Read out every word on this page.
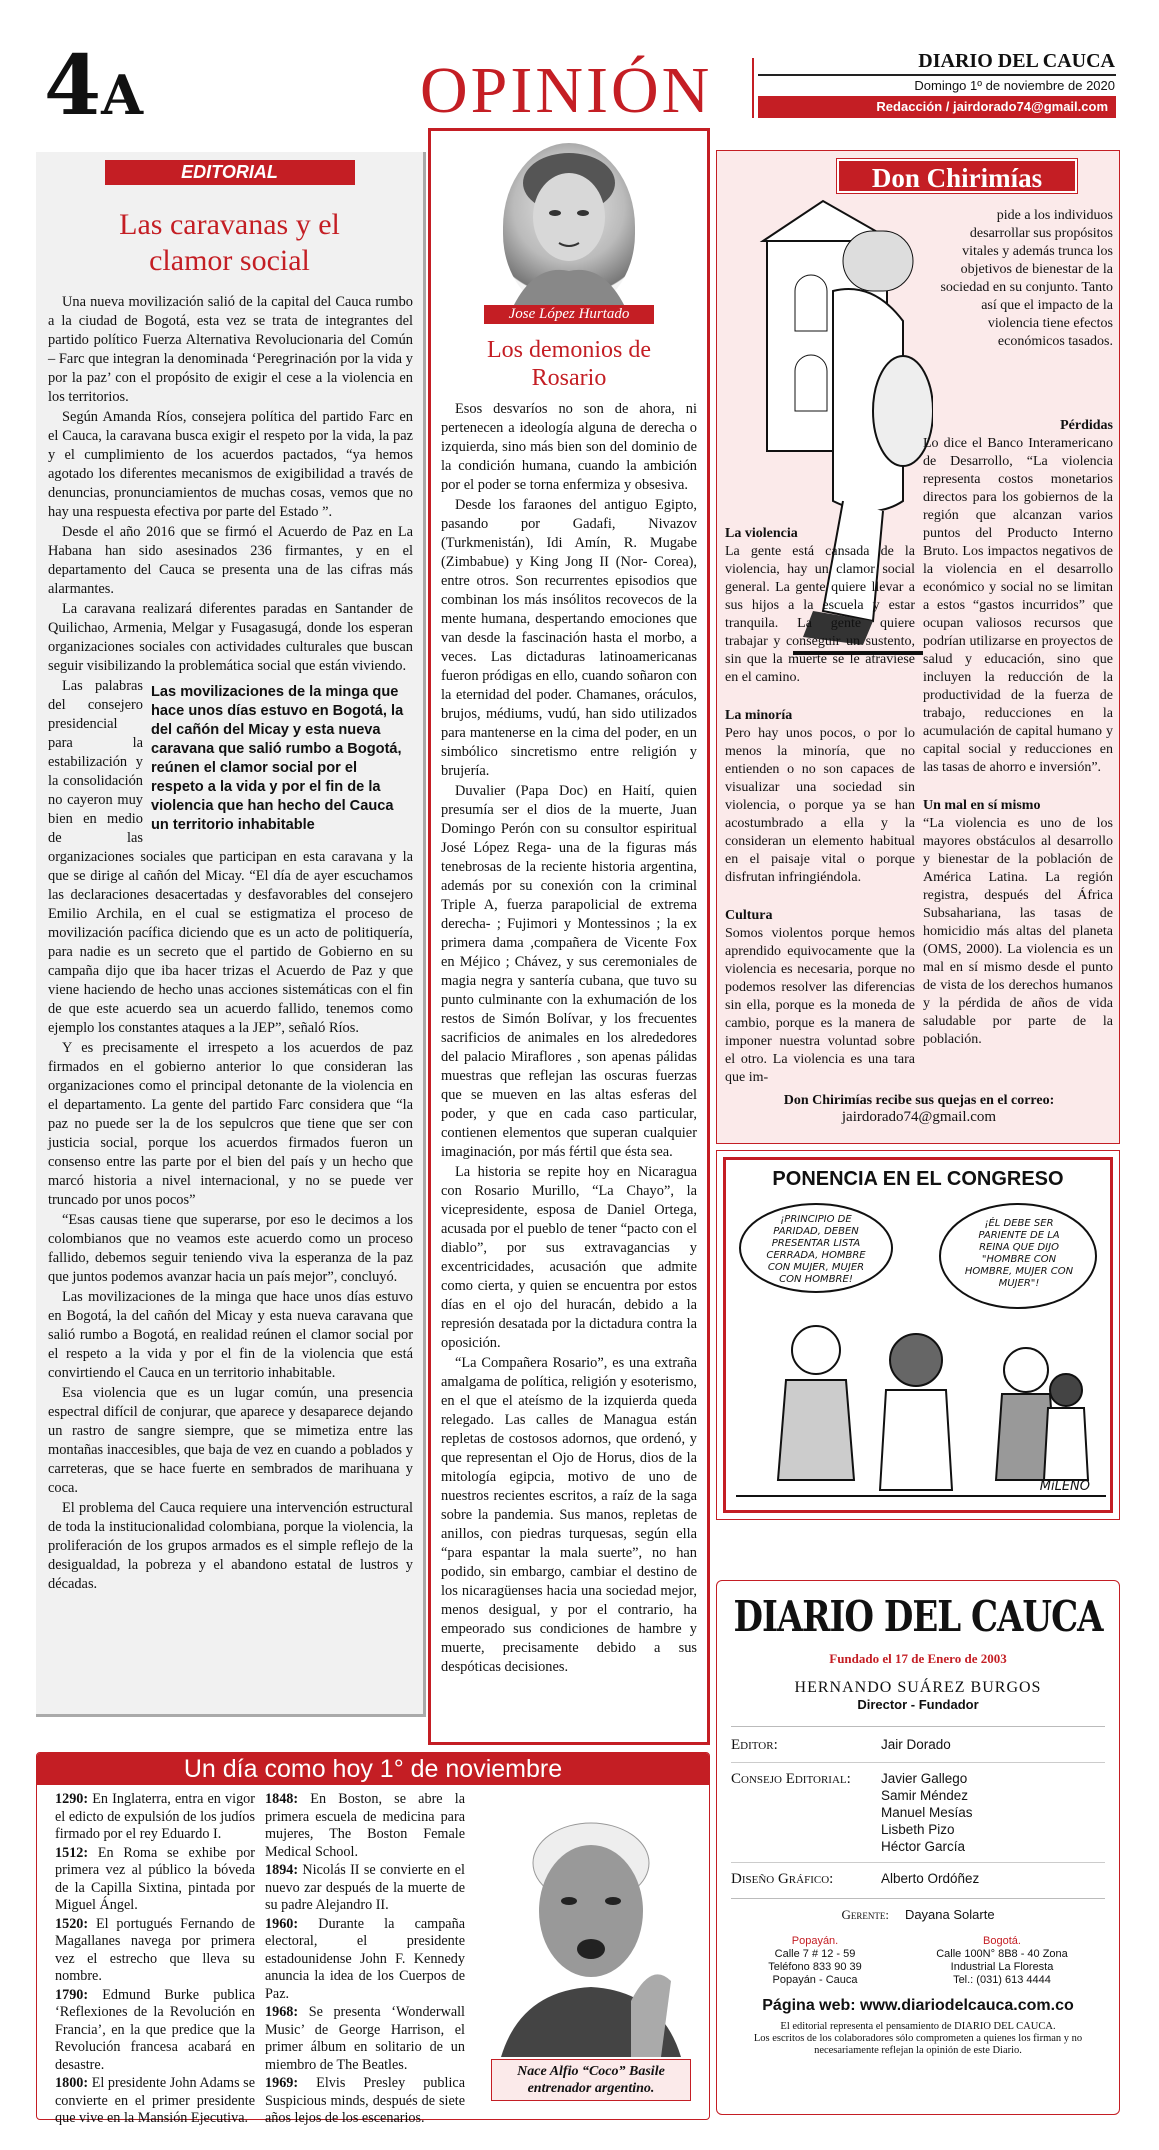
4A	OPINIÓN	DIARIO DEL CAUCA
Domingo 1º de noviembre de 2020
Redacción / jairdorado74@gmail.com
EDITORIAL
Las caravanas y el clamor social

Una nueva movilización salió de la capital del Cauca rumbo a la ciudad de Bogotá, esta vez se trata de integrantes del partido político Fuerza Alternativa Revolucionaria del Común – Farc que integran la denominada ‘Peregrinación por la vida y por la paz’ con el propósito de exigir el cese a la violencia en los territorios.

Según Amanda Ríos, consejera política del partido Farc en el Cauca, la caravana busca exigir el respeto por la vida, la paz y el cumplimiento de los acuerdos pactados, “ya hemos agotado los diferentes mecanismos de exigibilidad a través de denuncias, pronunciamientos de muchas cosas, vemos que no hay una respuesta efectiva por parte del Estado ”.

Desde el año 2016 que se firmó el Acuerdo de Paz en La Habana han sido asesinados 236 firmantes, y en el departamento del Cauca se presenta una de las cifras más alarmantes.

La caravana realizará diferentes paradas en Santander de Quilichao, Armenia, Melgar y Fusagasugá, donde los esperan organizaciones sociales con actividades culturales que buscan seguir visibilizando la problemática social que están viviendo.

Las movilizaciones de la minga que hace unos días estuvo en Bogotá, la del cañón del Micay y esta nueva caravana que salió rumbo a Bogotá, reúnen el clamor social por el respeto a la vida y por el fin de la violencia que han hecho del Cauca un territorio inhabitable

Las palabras del consejero presidencial para la estabilización y la consolidación no cayeron muy bien en medio de las organizaciones sociales que participan en esta caravana y la que se dirige al cañón del Micay. “El día de ayer escuchamos las declaraciones desacertadas y desfavorables del consejero Emilio Archila, en el cual se estigmatiza el proceso de movilización pacífica diciendo que es un acto de politiquería, para nadie es un secreto que el partido de Gobierno en su campaña dijo que iba hacer trizas el Acuerdo de Paz y que viene haciendo de hecho unas acciones sistemáticas con el fin de que este acuerdo sea un acuerdo fallido, tenemos como ejemplo los constantes ataques a la JEP”, señaló Ríos.

Y es precisamente el irrespeto a los acuerdos de paz firmados en el gobierno anterior lo que consideran las organizaciones como el principal detonante de la violencia en el departamento. La gente del partido Farc considera que “la paz no puede ser la de los sepulcros que tiene que ser con justicia social, porque los acuerdos firmados fueron un consenso entre las parte por el bien del país y un hecho que marcó historia a nivel internacional, y no se puede ver truncado por unos pocos”

“Esas causas tiene que superarse, por eso le decimos a los colombianos que no veamos este acuerdo como un proceso fallido, debemos seguir teniendo viva la esperanza de la paz que juntos podemos avanzar hacia un país mejor”, concluyó.

Las movilizaciones de la minga que hace unos días estuvo en Bogotá, la del cañón del Micay y esta nueva caravana que salió rumbo a Bogotá, en realidad reúnen el clamor social por el respeto a la vida y por el fin de la violencia que está convirtiendo el Cauca en un territorio inhabitable.

Esa violencia que es un lugar común, una presencia espectral difícil de conjurar, que aparece y desaparece dejando un rastro de sangre siempre, que se mimetiza entre las montañas inaccesibles, que baja de vez en cuando a poblados y carreteras, que se hace fuerte en sembrados de marihuana y coca.

El problema del Cauca requiere una intervención estructural de toda la institucionalidad colombiana, porque la violencia, la proliferación de los grupos armados es el simple reflejo de la desigualdad, la pobreza y el abandono estatal de lustros y décadas.

Jose López Hurtado
Los demonios de Rosario

Esos desvaríos no son de ahora, ni pertenecen a ideología alguna de derecha o izquierda, sino más bien son del dominio de la condición humana, cuando la ambición por el poder se torna enfermiza y obsesiva.

Desde los faraones del antiguo Egipto, pasando por Gadafi, Nivazov (Turkmenistán), Idi Amín, R. Mugabe (Zimbabue) y King Jong II (Nor- Corea), entre otros. Son recurrentes episodios que combinan los más insólitos recovecos de la mente humana, despertando emociones que van desde la fascinación hasta el morbo, a veces. Las dictaduras latinoamericanas fueron pródigas en ello, cuando soñaron con la eternidad del poder. Chamanes, oráculos, brujos, médiums, vudú, han sido utilizados para mantenerse en la cima del poder, en un simbólico sincretismo entre religión y brujería.

Duvalier (Papa Doc) en Haití, quien presumía ser el dios de la muerte, Juan Domingo Perón con su consultor espiritual José López Rega- una de la figuras más tenebrosas de la reciente historia argentina, además por su conexión con la criminal Triple A, fuerza parapolicial de extrema derecha- ; Fujimori y Montessinos ; la ex primera dama ,compañera de Vicente Fox en Méjico ; Chávez, y sus ceremoniales de magia negra y santería cubana, que tuvo su punto culminante con la exhumación de los restos de Simón Bolívar, y los frecuentes sacrificios de animales en los alrededores del palacio Miraflores , son apenas pálidas muestras que reflejan las oscuras fuerzas que se mueven en las altas esferas del poder, y que en cada caso particular, contienen elementos que superan cualquier imaginación, por más fértil que ésta sea.

La historia se repite hoy en Nicaragua con Rosario Murillo, “La Chayo”, la vicepresidente, esposa de Daniel Ortega, acusada por el pueblo de tener “pacto con el diablo”, por sus extravagancias y excentricidades, acusación que admite como cierta, y quien se encuentra por estos días en el ojo del huracán, debido a la represión desatada por la dictadura contra la oposición.

“La Compañera Rosario”, es una extraña amalgama de política, religión y esoterismo, en el que el ateísmo de la izquierda queda relegado. Las calles de Managua están repletas de costosos adornos, que ordenó, y que representan el Ojo de Horus, dios de la mitología egipcia, motivo de uno de nuestros recientes escritos, a raíz de la saga sobre la pandemia. Sus manos, repletas de anillos, con piedras turquesas, según ella “para espantar la mala suerte”, no han podido, sin embargo, cambiar el destino de los nicaragüenses hacia una sociedad mejor, menos desigual, y por el contrario, ha empeorado sus condiciones de hambre y muerte, precisamente debido a sus despóticas decisiones.

Don Chirimías
pide a los individuos desarrollar sus propósitos vitales y además trunca los objetivos de bienestar de la sociedad en su conjunto. Tanto así que el impacto de la violencia tiene efectos económicos tasados.
La violencia

La gente está cansada de la violencia, hay un clamor social general. La gente quiere llevar a sus hijos a la escuela y estar tranquila. La gente quiere trabajar y conseguir un sustento, sin que la muerte se le atraviese en el camino.

La minoría

Pero hay unos pocos, o por lo menos la minoría, que no entienden o no son capaces de visualizar una sociedad sin violencia, o porque ya se han acostumbrado a ella y la consideran un elemento habitual en el paisaje vital o porque disfrutan infringiéndola.

Cultura

Somos violentos porque hemos aprendido equivocamente que la violencia es necesaria, porque no podemos resolver las diferencias sin ella, porque es la moneda de cambio, porque es la manera de imponer nuestra voluntad sobre el otro. La violencia es una tara que im-

Pérdidas

Lo dice el Banco Interamericano de Desarrollo, “La violencia representa costos monetarios directos para los gobiernos de la región que alcanzan varios puntos del Producto Interno Bruto. Los impactos negativos de la violencia en el desarrollo económico y social no se limitan a estos “gastos incurridos” que ocupan valiosos recursos que podrían utilizarse en proyectos de salud y educación, sino que incluyen la reducción de la productividad de la fuerza de trabajo, reducciones en la acumulación de capital humano y capital social y reducciones en las tasas de ahorro e inversión”.

Un mal en sí mismo

“La violencia es uno de los mayores obstáculos al desarrollo y bienestar de la población de América Latina. La región registra, después del África Subsahariana, las tasas de homicidio más altas del planeta (OMS, 2000). La violencia es un mal en sí mismo desde el punto de vista de los derechos humanos y la pérdida de años de vida saludable por parte de la población.

Don Chirimías recibe sus quejas en el correo:
jairdorado74@gmail.com
PONENCIA EN EL CONGRESO
¡PRINCIPIO DE PARIDAD, DEBEN PRESENTAR LISTA CERRADA, HOMBRE CON MUJER, MUJER CON HOMBRE!
¡ÉL DEBE SER PARIENTE DE LA REINA QUE DIJO "HOMBRE CON HOMBRE, MUJER CON MUJER"!
MiLENO
DIARIO DEL CAUCA
Fundado el 17 de Enero de 2003
HERNANDO SUÁREZ BURGOS
Director - Fundador
Editor:	Jair Dorado
Consejo Editorial:	Javier Gallego
Samir Méndez
Manuel Mesías
Lisbeth Pizo
Héctor García
Diseño Gráfico:	Alberto Ordóñez
Gerente: Dayana Solarte
Popayán.
Calle 7 # 12 - 59
Teléfono 833 90 39
Popayán - Cauca
Bogotá.
Calle 100N° 8B8 - 40 Zona
Industrial La Floresta
Tel.: (031) 613 4444
Página web: www.diariodelcauca.com.co
El editorial representa el pensamiento de DIARIO DEL CAUCA.
Los escritos de los colaboradores sólo comprometen a quienes los firman y no necesariamente reflejan la opinión de este Diario.
Un día como hoy 1° de noviembre

1290: En Inglaterra, entra en vigor el edicto de expulsión de los judíos firmado por el rey Eduardo I.

1512: En Roma se exhibe por primera vez al público la bóveda de la Capilla Sixtina, pintada por Miguel Ángel.

1520: El portugués Fernando de Magallanes navega por primera vez el estrecho que lleva su nombre.

1790: Edmund Burke publica ‘Reflexiones de la Revolución en Francia’, en la que predice que la Revolución francesa acabará en desastre.

1800: El presidente John Adams se convierte en el primer presidente que vive en la Mansión Ejecutiva.

1848: En Boston, se abre la primera escuela de medicina para mujeres, The Boston Female Medical School.

1894: Nicolás II se convierte en el nuevo zar después de la muerte de su padre Alejandro II.

1960: Durante la campaña electoral, el presidente estadounidense John F. Kennedy anuncia la idea de los Cuerpos de Paz.

1968: Se presenta ‘Wonderwall Music’ de George Harrison, el primer álbum en solitario de un miembro de The Beatles.

1969: Elvis Presley publica Suspicious minds, después de siete años lejos de los escenarios.

Nace Alfio “Coco” Basile
entrenador argentino.
